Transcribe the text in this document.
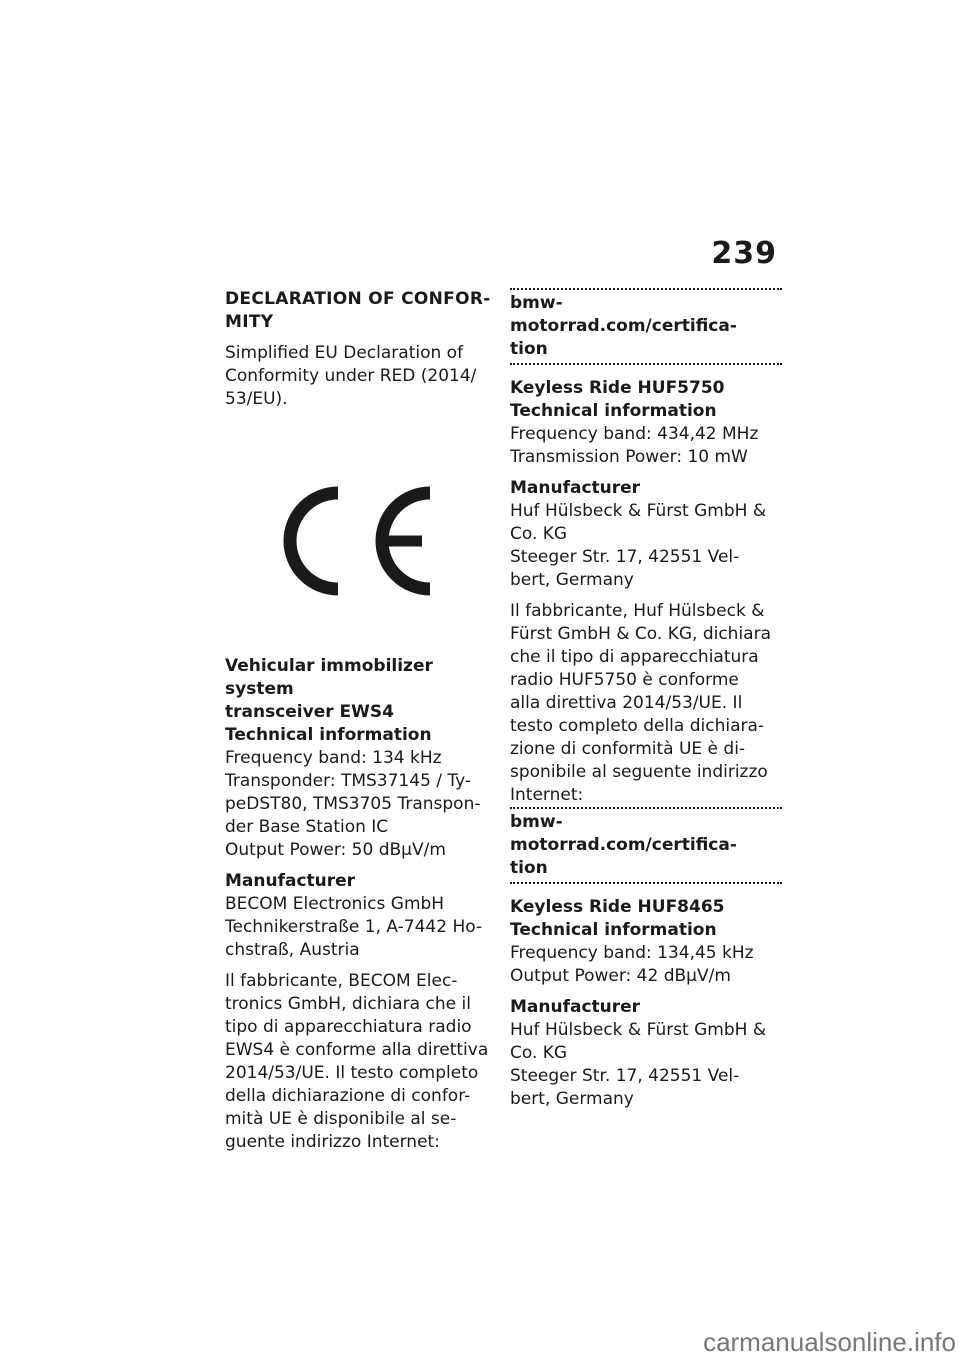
239

DECLARATION OF CONFOR-
MITY

Simplified EU Declaration of
Conformity under RED (2014/
53/EU).

Vehicular immobilizer system
transceiver EWS4

Technical information

Frequency band: 134 kHz
Transponder: TMS37145 / Ty-
peDST80, TMS3705 Transpon-
der Base Station IC
Output Power: 50 dBµV/m

Manufacturer

BECOM Electronics GmbH
Technikerstraße 1, A-7442 Ho-
chstraß, Austria

Il fabbricante, BECOM Elec-
tronics GmbH, dichiara che il
tipo di apparecchiatura radio
EWS4 è conforme alla direttiva
2014/53/UE. Il testo completo
della dichiarazione di confor-
mità UE è disponibile al se-
guente indirizzo Internet:

bmw-motorrad.com/certifica-
tion

Keyless Ride HUF5750

Technical information

Frequency band: 434,42 MHz
Transmission Power: 10 mW

Manufacturer

Huf Hülsbeck & Fürst GmbH &
Co. KG
Steeger Str. 17, 42551 Vel-
bert, Germany

Il fabbricante, Huf Hülsbeck &
Fürst GmbH & Co. KG, dichiara
che il tipo di apparecchiatura
radio HUF5750 è conforme
alla direttiva 2014/53/UE. Il
testo completo della dichiara-
zione di conformità UE è di-
sponibile al seguente indirizzo
Internet:

bmw-motorrad.com/certifica-
tion

Keyless Ride HUF8465

Technical information

Frequency band: 134,45 kHz
Output Power: 42 dBµV/m

Manufacturer

Huf Hülsbeck & Fürst GmbH &
Co. KG
Steeger Str. 17, 42551 Vel-
bert, Germany

carmanualsonline.info
